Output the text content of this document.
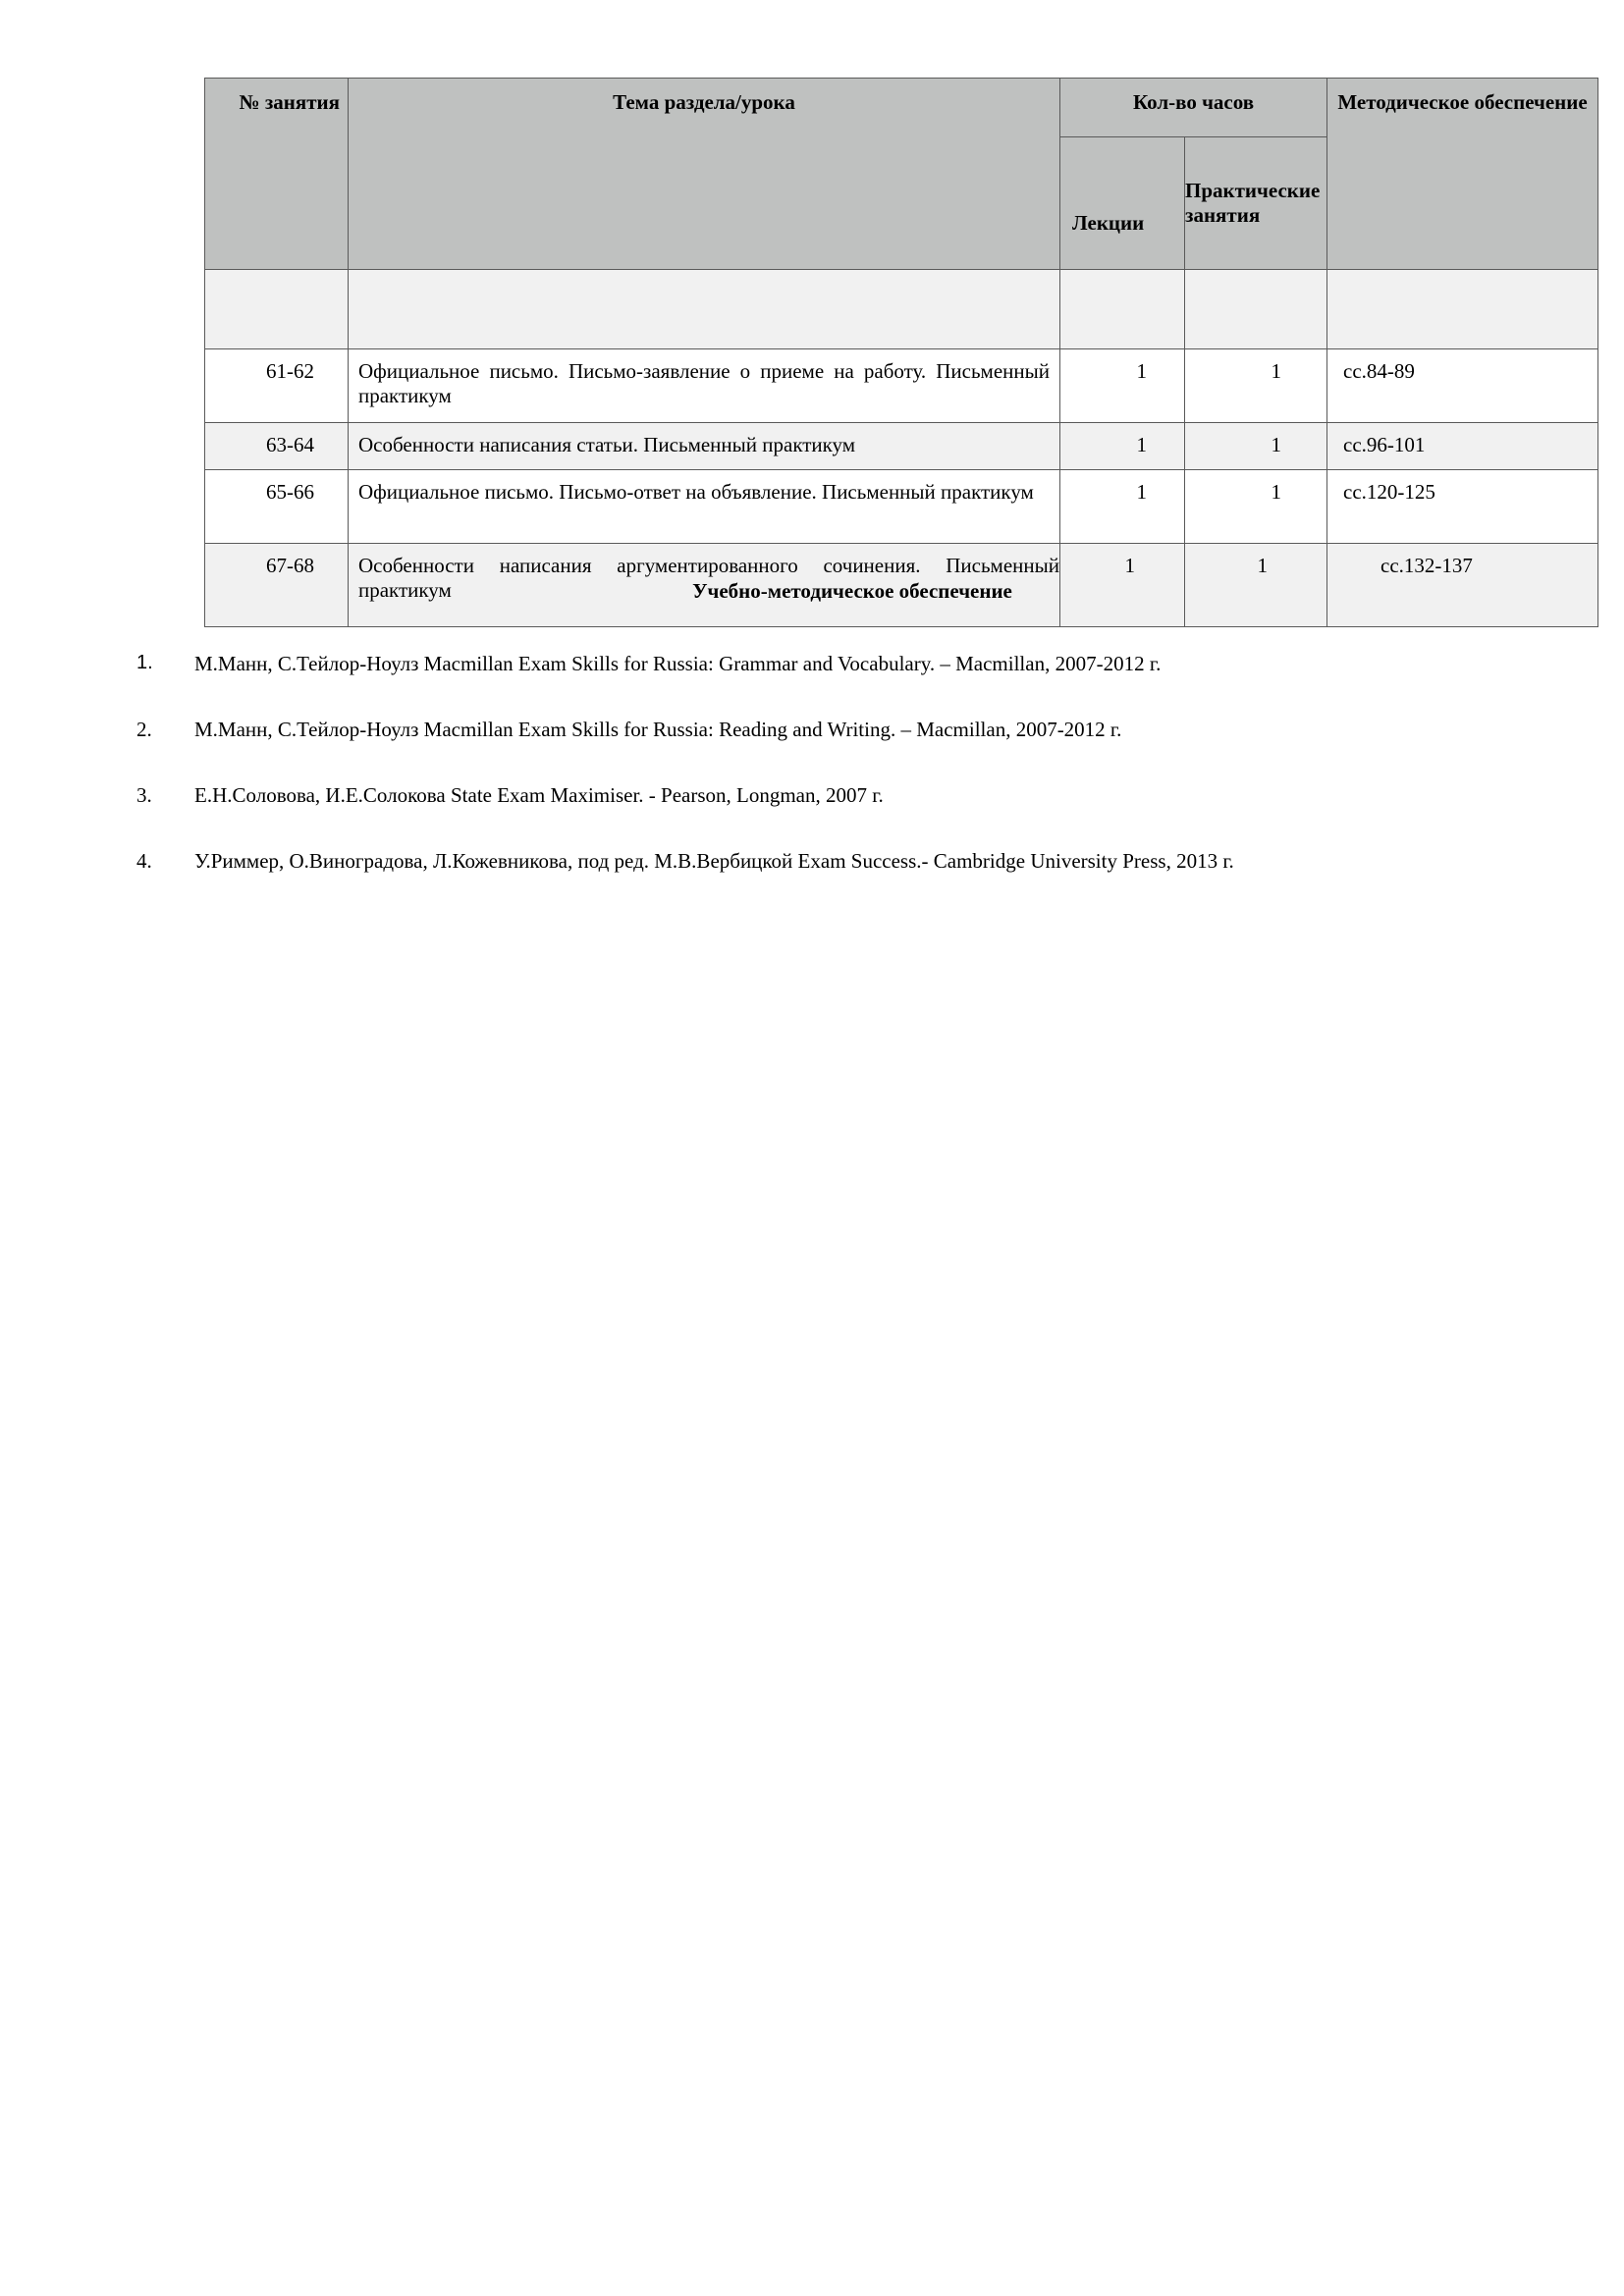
№ занятия	Тема раздела/урока	Кол-во часов		Методическое обеспечение
		Лекции	Практические занятия	

61-62	Официальное письмо. Письмо-заявление о приеме на работу. Письменный практикум	1	1	сс.84-89
63-64	Особенности написания статьи. Письменный практикум	1	1	сс.96-101
65-66	Официальное письмо. Письмо-ответ на объявление. Письменный практикум	1	1	сс.120-125
67-68	Особенности написания аргументированного сочинения. Письменный практикум	1	1	сс.132-137
Учебно-методическое обеспечение
1. М.Манн, С.Тейлор-Ноулз Macmillan Exam Skills for Russia: Grammar and Vocabulary. – Macmillan, 2007-2012 г.
2. М.Манн, С.Тейлор-Ноулз Macmillan Exam Skills for Russia: Reading and Writing. – Macmillan, 2007-2012 г.
3. Е.Н.Соловова, И.Е.Солокова State Exam Maximiser. - Pearson, Longman, 2007 г.
4. У.Риммер, О.Виноградова, Л.Кожевникова, под ред. М.В.Вербицкой Exam Success.- Cambridge University Press, 2013 г.
